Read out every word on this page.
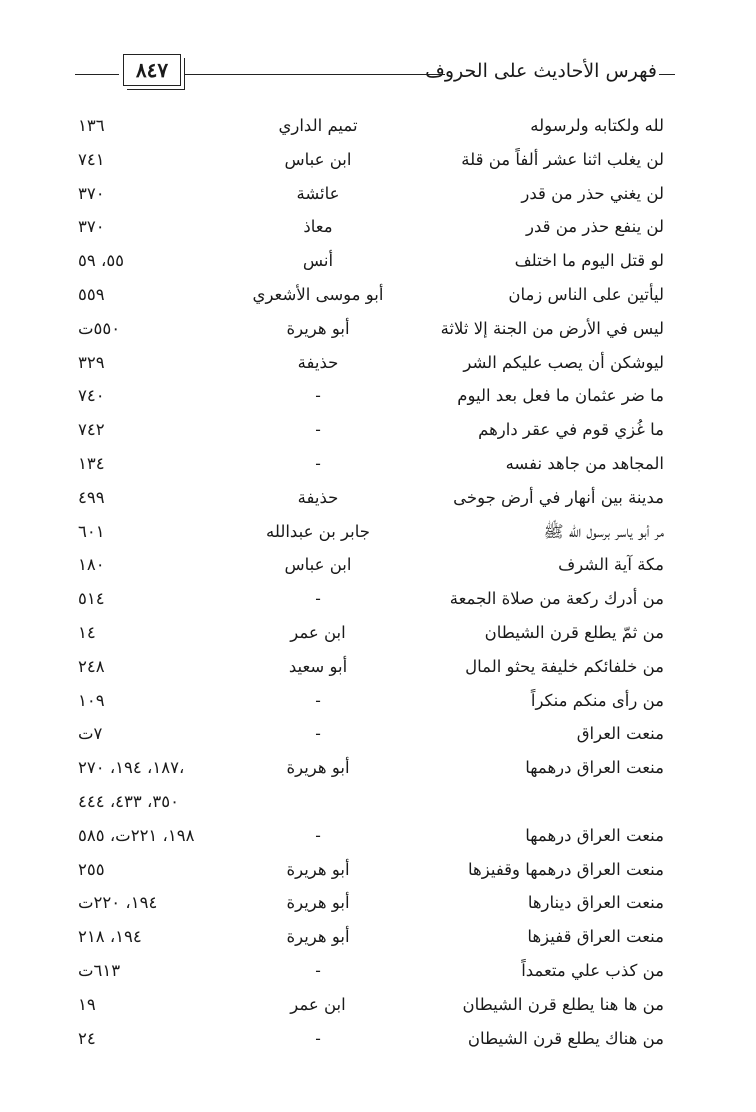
فهرس الأحاديث على الحروف
٨٤٧
لله ولكتابه ولرسوله
تميم الداري
١٣٦
لن يغلب اثنا عشر ألفاً من قلة
ابن عباس
٧٤١
لن يغني حذر من قدر
عائشة
٣٧٠
لن ينفع حذر من قدر
معاذ
٣٧٠
لو قتل اليوم ما اختلف
أنس
٥٥، ٥٩
ليأتين على الناس زمان
أبو موسى الأشعري
٥٥٩
ليس في الأرض من الجنة إلا ثلاثة
أبو هريرة
٥٥٠ت
ليوشكن أن يصب عليكم الشر
حذيفة
٣٢٩
ما ضر عثمان ما فعل بعد اليوم
-
٧٤٠
ما غُزي قوم في عقر دارهم
-
٧٤٢
المجاهد من جاهد نفسه
-
١٣٤
مدينة بين أنهار في أرض جوخى
حذيفة
٤٩٩
مر أبو ياسر برسول الله ﷺ
جابر بن عبدالله
٦٠١
مكة آية الشرف
ابن عباس
١٨٠
من أدرك ركعة من صلاة الجمعة
-
٥١٤
من ثمّ يطلع قرن الشيطان
ابن عمر
١٤
من خلفائكم خليفة يحثو المال
أبو سعيد
٢٤٨
من رأى منكم منكراً
-
١٠٩
منعت العراق
-
٧ت
منعت العراق درهمها
أبو هريرة
١٨٧، ١٩٤، ٢٧٠،
٣٥٠، ٤٣٣، ٤٤٤
منعت العراق درهمها
-
١٩٨، ٢٢١ت، ٥٨٥
منعت العراق درهمها وقفيزها
أبو هريرة
٢٥٥
منعت العراق دينارها
أبو هريرة
١٩٤، ٢٢٠ت
منعت العراق قفيزها
أبو هريرة
١٩٤، ٢١٨
من كذب علي متعمداً
-
٦١٣ت
من ها هنا يطلع قرن الشيطان
ابن عمر
١٩
من هناك يطلع قرن الشيطان
-
٢٤
